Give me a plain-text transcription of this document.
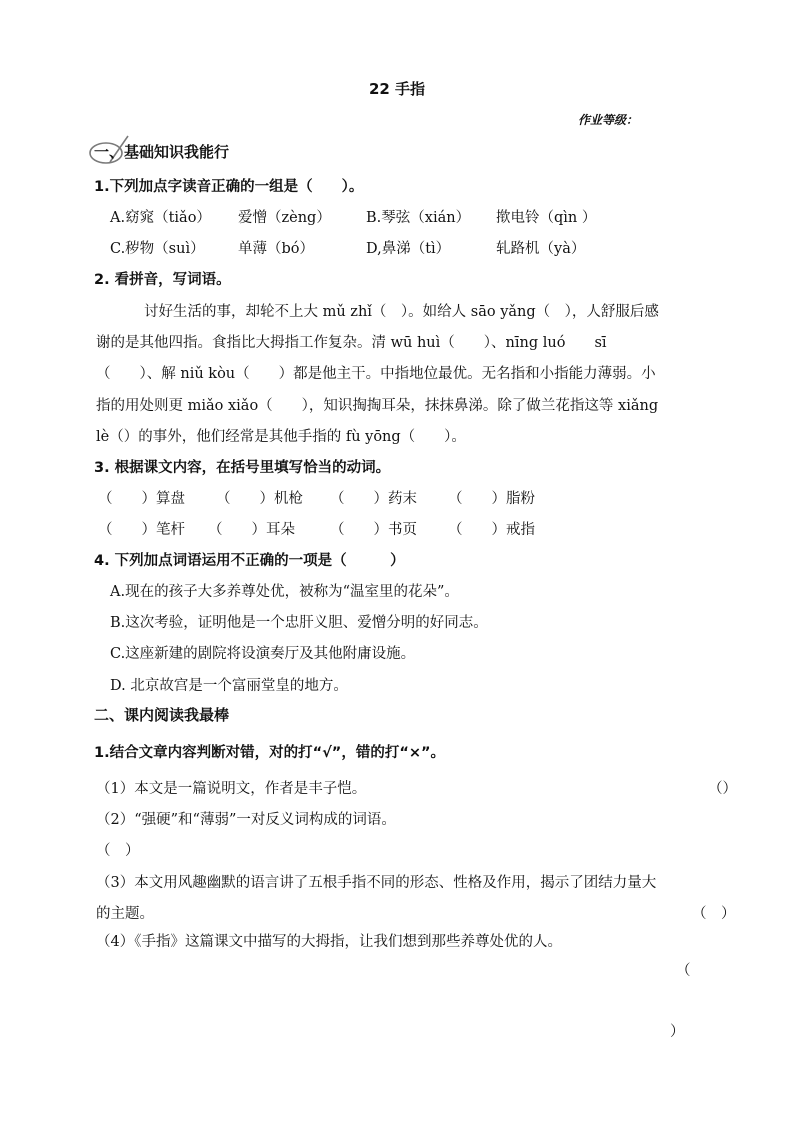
22 手指
作业等级：
一、基础知识我能行
1.下列加点字读音正确的一组是（　　）。
A.窈窕（tiǎo） 爱憎（zèng） B.琴弦（xián） 揿电铃（qìn ）
C.秽物（suì） 单薄（bó）	D,鼻涕（tì）	轧路机（yà）
2. 看拼音，写词语。
讨好生活的事，却轮不上大 mǔ zhǐ（　）。如给人 sāo yǎng（　），人舒服后感
谢的是其他四指。食指比大拇指工作复杂。清 wū huì（　　）、nīng luó　　sī
（　　）、解 niǔ kòu（　　）都是他主干。中指地位最优。无名指和小指能力薄弱。小
指的用处则更 miǎo xiǎo（　　），知识掏掏耳朵，抹抹鼻涕。除了做兰花指这等 xiǎng
lè（）的事外，他们经常是其他手指的 fù yōng（　　）。
3. 根据课文内容，在括号里填写恰当的动词。
（　　）算盘 （　　）机枪 （　　）药末 （　　）脂粉
（　　）笔杆 （　　）耳朵 （　　）书页 （　　）戒指
4. 下列加点词语运用不正确的一项是（　　　）
A.现在的孩子大多养尊处优，被称为“温室里的花朵”。
B.这次考验，证明他是一个忠肝义胆、爱憎分明的好同志。
C.这座新建的剧院将设演奏厅及其他附庸设施。
D. 北京故宫是一个富丽堂皇的地方。
二、课内阅读我最棒
1.结合文章内容判断对错，对的打“√”，错的打“×”。
（1）本文是一篇说明文，作者是丰子恺。	（）
（2）“强硬”和“薄弱”一对反义词构成的词语。
（　）
（3）本文用风趣幽默的语言讲了五根手指不同的形态、性格及作用，揭示了团结力量大
的主题。	（　）
（4）《手指》这篇课文中描写的大拇指，让我们想到那些养尊处优的人。
（
）
